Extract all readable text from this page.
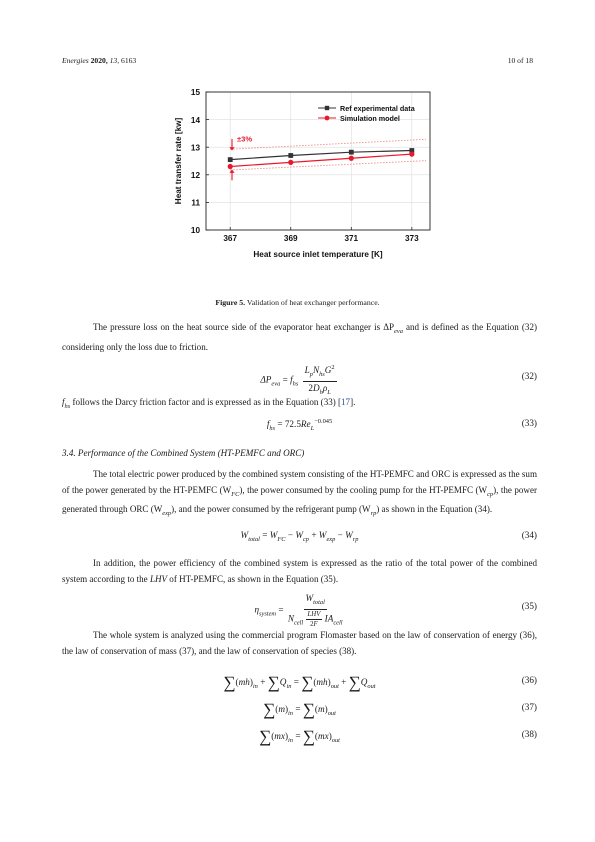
Energies 2020, 13, 6163	10 of 18
10
11
12
13
14
15
367	369	371	373
Heat source inlet temperature [K]
Heat transfer rate [kw]
Ref experimental data
Simulation model
±3%
Figure 5. Validation of heat exchanger performance.

The pressure loss on the heat source side of the evaporator heat exchanger is $\Delta P_{eva}$ and is defined as the Equation (32) considering only the loss due to friction.

$\Delta P_{eva} = f_{hs} \frac{L_pN_{hs}G^2}{2D_h\rho_L}$	(32)

$f_{hs}$ follows the Darcy friction factor and is expressed as in the Equation (33) [17].

$f_{hs} = 72.5Re_L^{-0.045}$	(33)
3.4. Performance of the Combined System (HT-PEMFC and ORC)

The total electric power produced by the combined system consisting of the HT-PEMFC and ORC is expressed as the sum of the power generated by the HT-PEMFC $(W_{FC})$, the power consumed by the cooling pump for the HT-PEMFC $(W_{cp})$, the power generated through ORC $(W_{exp})$, and the power consumed by the refrigerant pump $(W_{rp})$ as shown in the Equation (34).

$W_{total} = W_{FC} - W_{cp} + W_{exp} - W_{rp}$	(34)

In addition, the power efficiency of the combined system is expressed as the ratio of the total power of the combined system according to the LHV of HT-PEMFC, as shown in the Equation (35).

$\eta_{system} = \frac{W_{total}}{N_{cell} \frac{\text{LHV}}{2F} IA_{cell}}$	(35)

The whole system is analyzed using the commercial program Flomaster based on the law of conservation of energy (36), the law of conservation of mass (37), and the law of conservation of species (38).

$\sum(mh)_{in} + \sum Q_{in} = \sum(mh)_{out} + \sum Q_{out}$
(36)
$\sum(m)_{in} = \sum(m)_{out}$
(37)
$\sum(mx)_{in} = \sum(mx)_{out}$
(38)
